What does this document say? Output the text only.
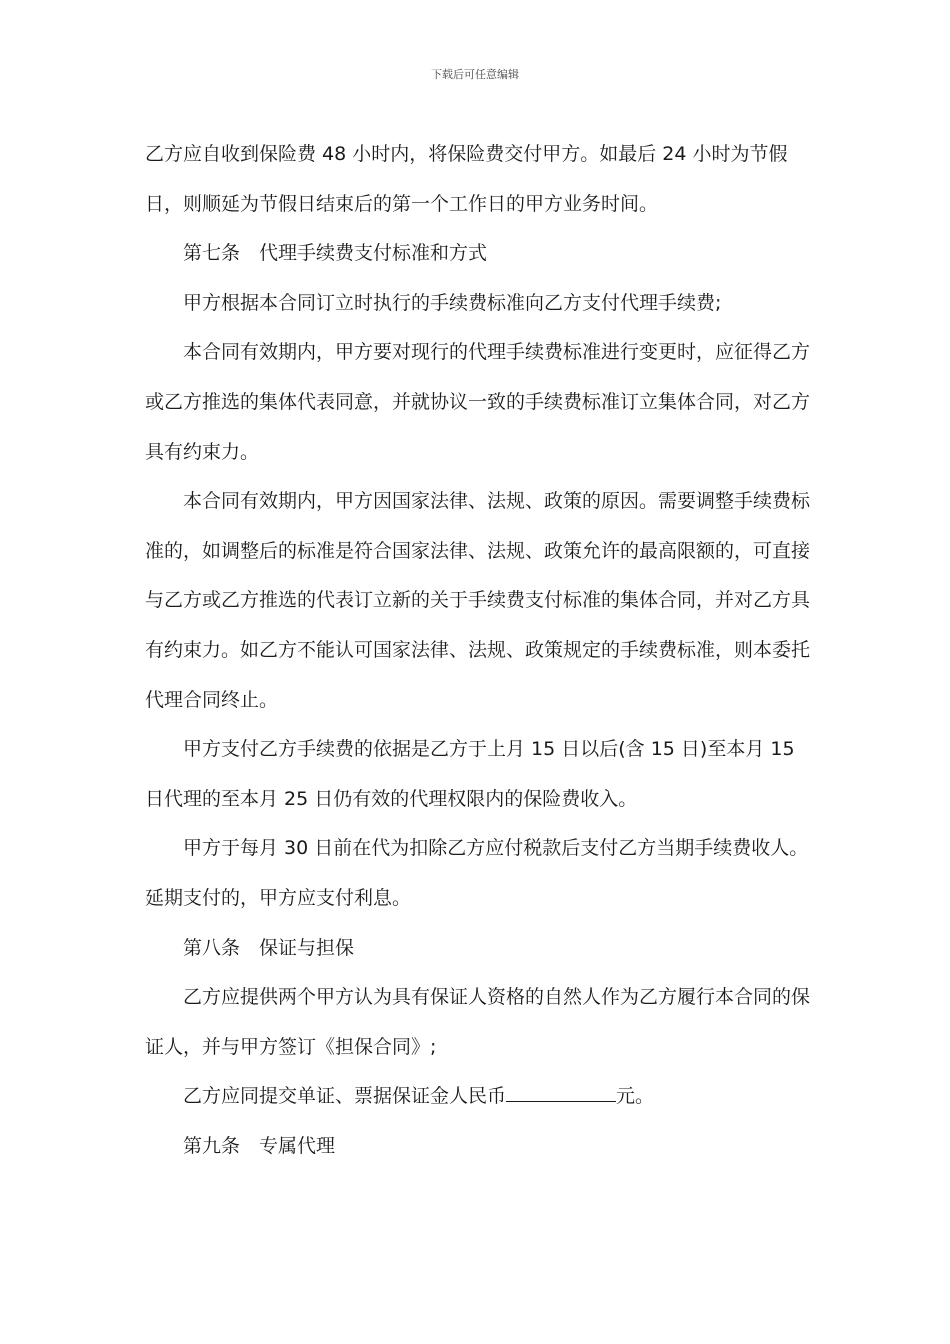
下载后可任意编辑

乙方应自收到保险费 48 小时内，将保险费交付甲方。如最后 24 小时为节假日，则顺延为节假日结束后的第一个工作日的甲方业务时间。

第七条　代理手续费支付标准和方式

甲方根据本合同订立时执行的手续费标准向乙方支付代理手续费;

本合同有效期内，甲方要对现行的代理手续费标准进行变更时，应征得乙方或乙方推选的集体代表同意，并就协议一致的手续费标准订立集体合同，对乙方具有约束力。

本合同有效期内，甲方因国家法律、法规、政策的原因。需要调整手续费标准的，如调整后的标准是符合国家法律、法规、政策允许的最高限额的，可直接与乙方或乙方推选的代表订立新的关于手续费支付标准的集体合同，并对乙方具有约束力。如乙方不能认可国家法律、法规、政策规定的手续费标准，则本委托代理合同终止。

甲方支付乙方手续费的依据是乙方于上月 15 日以后(含 15 日)至本月 15 日代理的至本月 25 日仍有效的代理权限内的保险费收入。

甲方于每月 30 日前在代为扣除乙方应付税款后支付乙方当期手续费收人。延期支付的，甲方应支付利息。

第八条　保证与担保

乙方应提供两个甲方认为具有保证人资格的自然人作为乙方履行本合同的保证人，并与甲方签订《担保合同》;

乙方应同提交单证、票据保证金人民币	元。

第九条　专属代理
